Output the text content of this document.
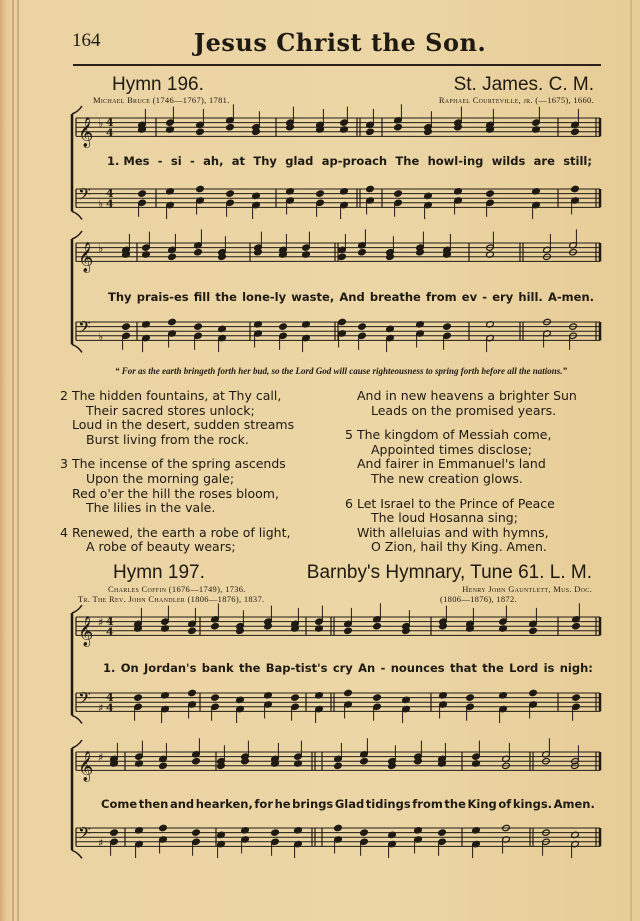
164	Jesus Christ the Son.
Hymn 196.	St. James. C. M.
Michael Bruce (1746—1767), 1781.	Raphael Courteville, jr. (—1675), 1660.
𝄞
𝄢
♭
♭
4
4
4
4
𝄞
𝄢
♭
♭
𝄞
𝄢
♯
♯
4
4
4
4
𝄞
𝄢
♯
♯
1. Mes - si - ah, at Thy glad ap-proach The howl-ing wilds are still;
Thy prais-es fill the lone-ly waste, And breathe from ev - ery hill. A-men.
“ For as the earth bringeth forth her bud, so the Lord God will cause righteousness to spring forth before all the nations.”
2 The hidden fountains, at Thy call,
Their sacred stores unlock;
Loud in the desert, sudden streams
Burst living from the rock.
3 The incense of the spring ascends
Upon the morning gale;
Red o'er the hill the roses bloom,
The lilies in the vale.
4 Renewed, the earth a robe of light,
A robe of beauty wears;
And in new heavens a brighter Sun
Leads on the promised years.
5 The kingdom of Messiah come,
Appointed times disclose;
And fairer in Emmanuel's land
The new creation glows.
6 Let Israel to the Prince of Peace
The loud Hosanna sing;
With alleluias and with hymns,
O Zion, hail thy King. Amen.
Hymn 197.	Barnby's Hymnary, Tune 61. L. M.
Charles Coffin (1676—1749), 1736.
Tr. The Rev. John Chandler (1806—1876), 1837.
Henry John Gauntlett, Mus. Doc.
(1806—1876), 1872.
1. On Jordan's bank the Bap-tist's cry An - nounces that the Lord is nigh:
Come then and hearken, for he brings Glad tidings from the King of kings. Amen.
